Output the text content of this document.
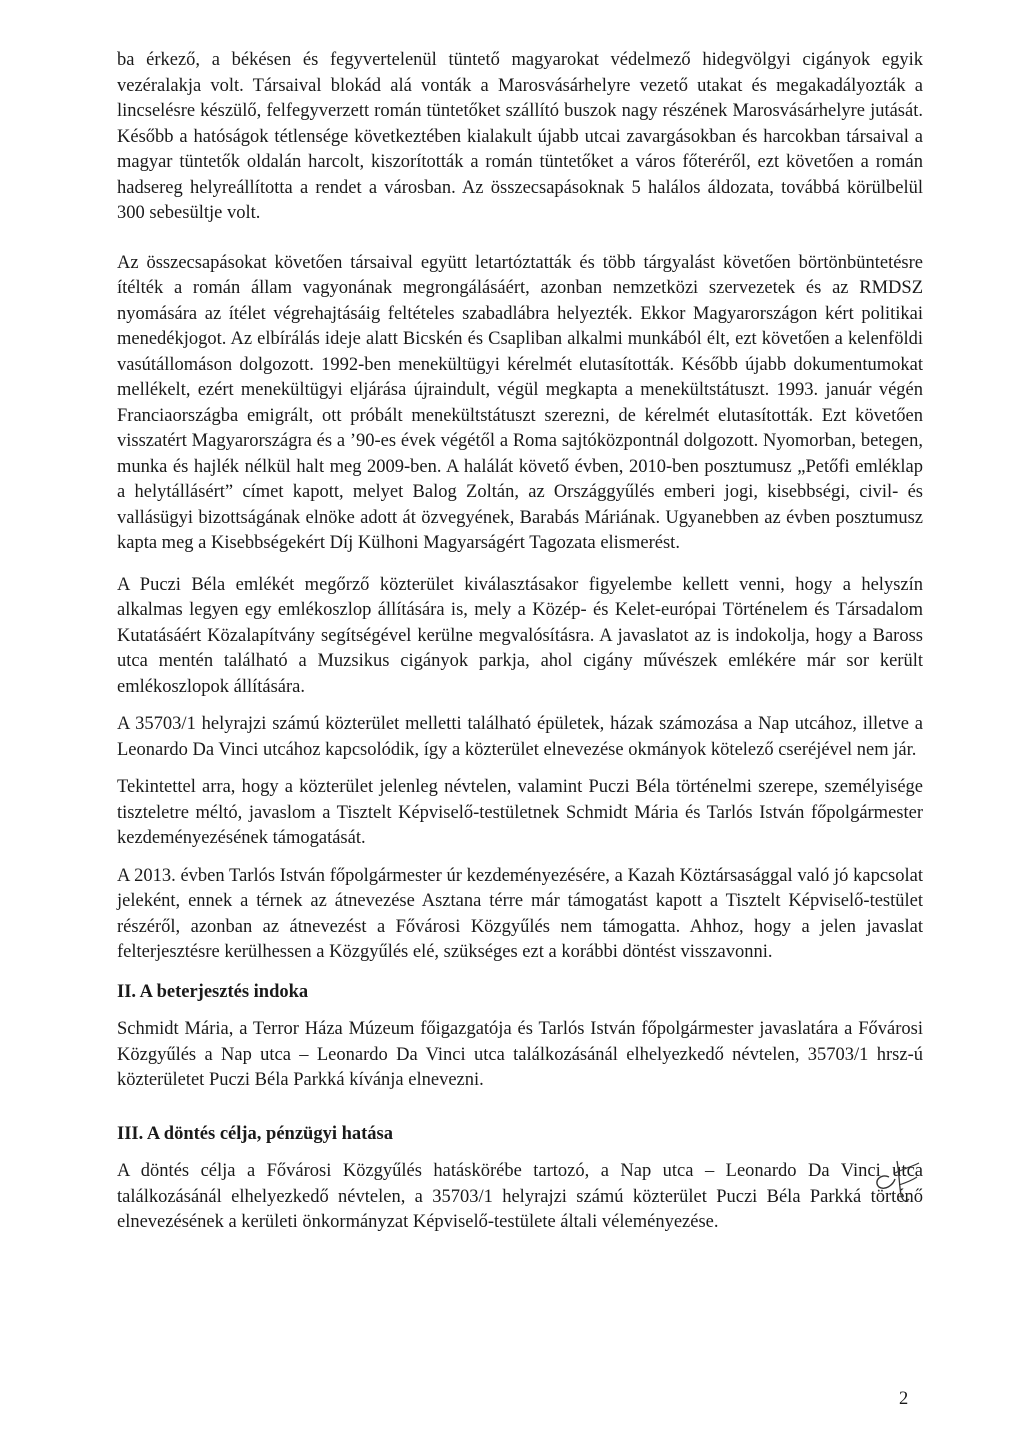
ba érkező, a békésen és fegyvertelenül tüntető magyarokat védelmező hidegvölgyi cigányok egyik vezéralakja volt. Társaival blokád alá vonták a Marosvásárhelyre vezető utakat és megakadályozták a lincselésre készülő, felfegyverzett román tüntetőket szállító buszok nagy részének Marosvásárhelyre jutását. Később a hatóságok tétlensége következtében kialakult újabb utcai zavargásokban és harcokban társaival a magyar tüntetők oldalán harcolt, kiszorították a román tüntetőket a város főteréről, ezt követően a román hadsereg helyreállította a rendet a városban. Az összecsapásoknak 5 halálos áldozata, továbbá körülbelül 300 sebesültje volt.

Az összecsapásokat követően társaival együtt letartóztatták és több tárgyalást követően börtönbüntetésre ítélték a román állam vagyonának megrongálásáért, azonban nemzetközi szervezetek és az RMDSZ nyomására az ítélet végrehajtásáig feltételes szabadlábra helyezték. Ekkor Magyarországon kért politikai menedékjogot. Az elbírálás ideje alatt Bicskén és Csapliban alkalmi munkából élt, ezt követően a kelenföldi vasútállomáson dolgozott. 1992-ben menekültügyi kérelmét elutasították. Később újabb dokumentumokat mellékelt, ezért menekültügyi eljárása újraindult, végül megkapta a menekültstátuszt. 1993. január végén Franciaországba emigrált, ott próbált menekültstátuszt szerezni, de kérelmét elutasították. Ezt követően visszatért Magyarországra és a ’90-es évek végétől a Roma sajtóközpontnál dolgozott. Nyomorban, betegen, munka és hajlék nélkül halt meg 2009-ben. A halálát követő évben, 2010-ben posztumusz „Petőfi emléklap a helytállásért” címet kapott, melyet Balog Zoltán, az Országgyűlés emberi jogi, kisebbségi, civil- és vallásügyi bizottságának elnöke adott át özvegyének, Barabás Máriának. Ugyanebben az évben posztumusz kapta meg a Kisebbségekért Díj Külhoni Magyarságért Tagozata elismerést.

A Puczi Béla emlékét megőrző közterület kiválasztásakor figyelembe kellett venni, hogy a helyszín alkalmas legyen egy emlékoszlop állítására is, mely a Közép- és Kelet-európai Történelem és Társadalom Kutatásáért Közalapítvány segítségével kerülne megvalósításra. A javaslatot az is indokolja, hogy a Baross utca mentén található a Muzsikus cigányok parkja, ahol cigány művészek emlékére már sor került emlékoszlopok állítására.

A 35703/1 helyrajzi számú közterület melletti található épületek, házak számozása a Nap utcához, illetve a Leonardo Da Vinci utcához kapcsolódik, így a közterület elnevezése okmányok kötelező cseréjével nem jár.

Tekintettel arra, hogy a közterület jelenleg névtelen, valamint Puczi Béla történelmi szerepe, személyisége tiszteletre méltó, javaslom a Tisztelt Képviselő-testületnek Schmidt Mária és Tarlós István főpolgármester kezdeményezésének támogatását.

A 2013. évben Tarlós István főpolgármester úr kezdeményezésére, a Kazah Köztársasággal való jó kapcsolat jeleként, ennek a térnek az átnevezése Asztana térre már támogatást kapott a Tisztelt Képviselő-testület részéről, azonban az átnevezést a Fővárosi Közgyűlés nem támogatta. Ahhoz, hogy a jelen javaslat felterjesztésre kerülhessen a Közgyűlés elé, szükséges ezt a korábbi döntést visszavonni.

II. A beterjesztés indoka

Schmidt Mária, a Terror Háza Múzeum főigazgatója és Tarlós István főpolgármester javaslatára a Fővárosi Közgyűlés a Nap utca – Leonardo Da Vinci utca találkozásánál elhelyezkedő névtelen, 35703/1 hrsz-ú közterületet Puczi Béla Parkká kívánja elnevezni.

III. A döntés célja, pénzügyi hatása

A döntés célja a Fővárosi Közgyűlés hatáskörébe tartozó, a Nap utca – Leonardo Da Vinci utca találkozásánál elhelyezkedő névtelen, a 35703/1 helyrajzi számú közterület Puczi Béla Parkká történő elnevezésének a kerületi önkormányzat Képviselő-testülete általi véleményezése.

2
